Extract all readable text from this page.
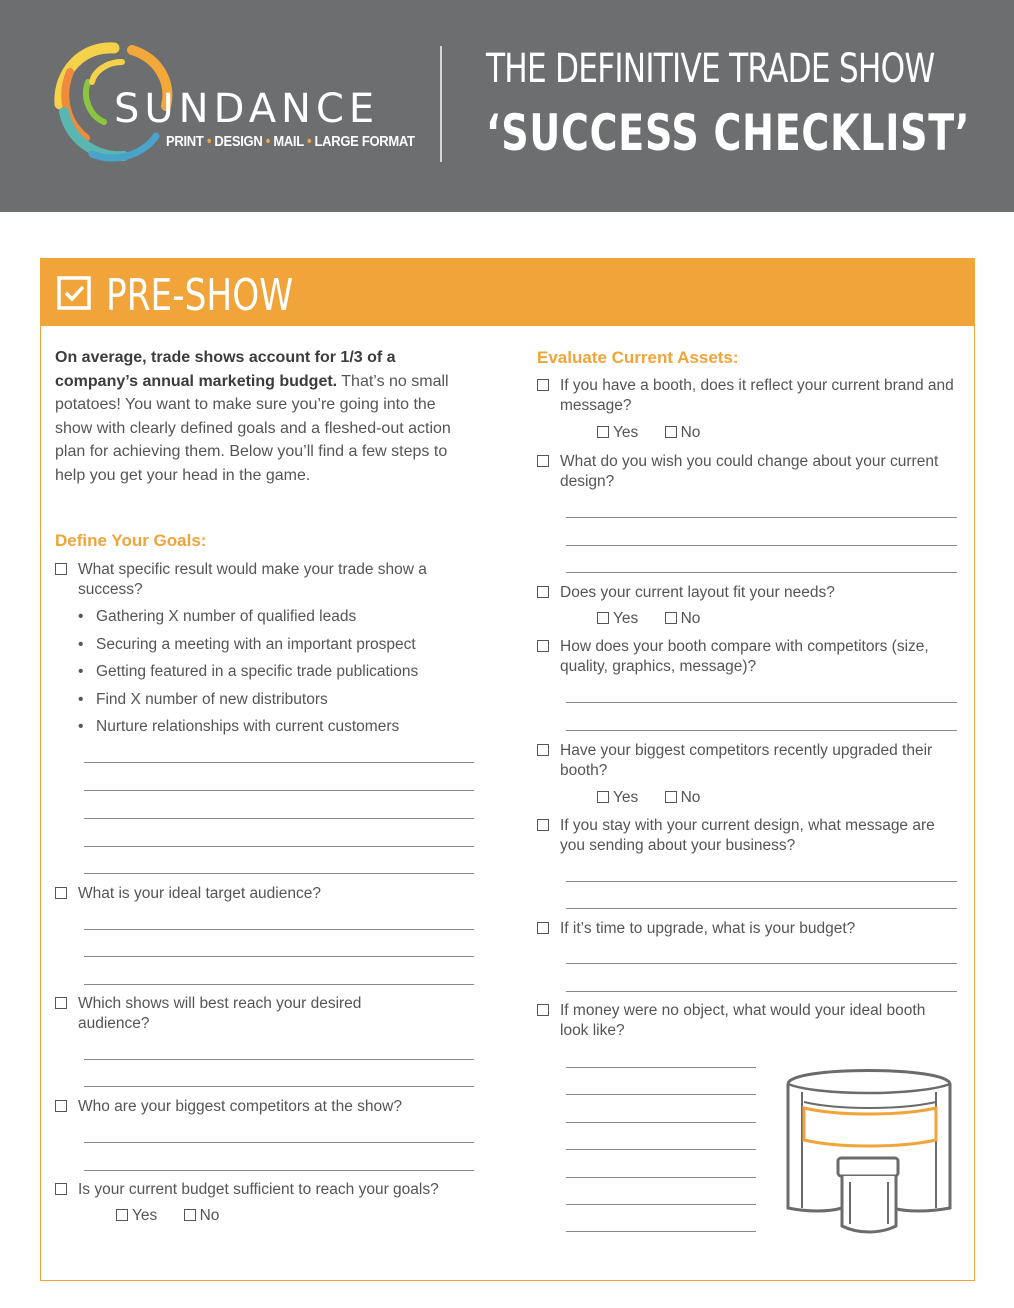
SUNDANCE
PRINT • DESIGN • MAIL • LARGE FORMAT
THE DEFINITIVE TRADE SHOW
‘SUCCESS CHECKLIST’
PRE-SHOW
On average, trade shows account for 1/3 of a company’s annual marketing budget. That’s no small potatoes! You want to make sure you’re going into the show with clearly defined goals and a fleshed-out action plan for achieving them. Below you’ll find a few steps to help you get your head in the game.
Define Your Goals:
What specific result would make your trade show a success?
• Gathering X number of qualified leads
• Securing a meeting with an important prospect
• Getting featured in a specific trade publications
• Find X number of new distributors
• Nurture relationships with current customers
What is your ideal target audience?
Which shows will best reach your desired audience?
Who are your biggest competitors at the show?
Is your current budget sufficient to reach your goals?
Yes	No
Evaluate Current Assets:
If you have a booth, does it reflect your current brand and message?
Yes	No
What do you wish you could change about your current design?
Does your current layout fit your needs?
Yes	No
How does your booth compare with competitors (size, quality, graphics, message)?
Have your biggest competitors recently upgraded their booth?
Yes	No
If you stay with your current design, what message are you sending about your business?
If it’s time to upgrade, what is your budget?
If money were no object, what would your ideal booth look like?
